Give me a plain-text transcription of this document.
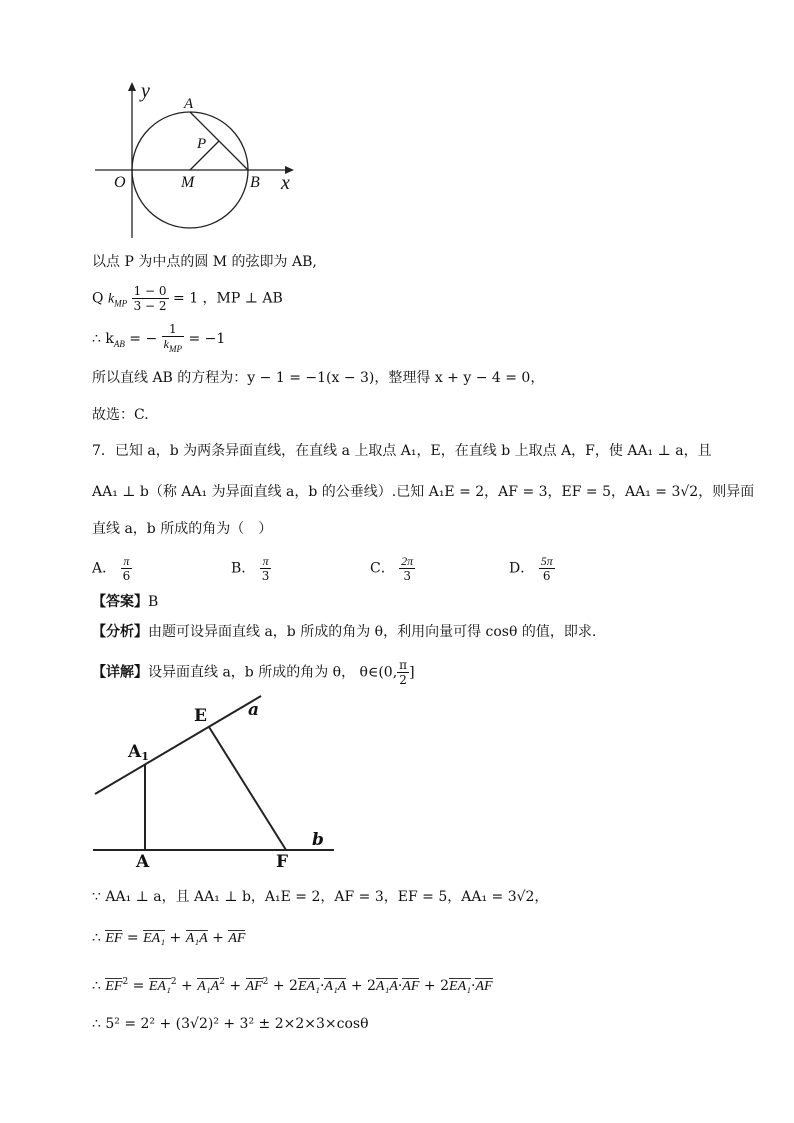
y
x
O	M	B
A
P
以点 P 为中点的圆 M 的弦即为 AB,
Q $k_{MP} \frac{1 - 0}{3 - 2} = 1$ ，MP ⊥ AB
∴ $k_{AB}$ = − $\frac{1}{k_{MP}} = -1$
所以直线 AB 的方程为：y − 1 = −1(x − 3)，整理得 x + y − 4 = 0，
故选：C.
7．已知 a，b 为两条异面直线，在直线 a 上取点 A₁，E，在直线 b 上取点 A，F，使 AA₁ ⊥ a，且
AA₁ ⊥ b（称 AA₁ 为异面直线 a，b 的公垂线）.已知 A₁E = 2，AF = 3，EF = 5，AA₁ = 3√2，则异面
直线 a，b 所成的角为（　）
A． $\frac{\pi}{6}$	B． $\frac{\pi}{3}$	C． $\frac{2\pi}{3}$	D． $\frac{5\pi}{6}$
【答案】B
【分析】由题可设异面直线 a，b 所成的角为 θ，利用向量可得 cosθ 的值，即求.
【详解】设异面直线 a，b 所成的角为 θ， θ∈(0, $\frac{\pi}{2}$ ]
E a
A1
b
A	F
∵ AA₁ ⊥ a，且 AA₁ ⊥ b，A₁E = 2，AF = 3，EF = 5，AA₁ = 3√2，
∴ EF = EA₁ + A₁A + AF
∴ $EF^2 = EA_1^2 + A_1A^2 + AF^2 + 2EA_1\cdot A_1A + 2A_1A\cdot AF + 2EA_1\cdot AF$
∴ 5² = 2² + (3√2)² + 3² ± 2×2×3×cosθ
